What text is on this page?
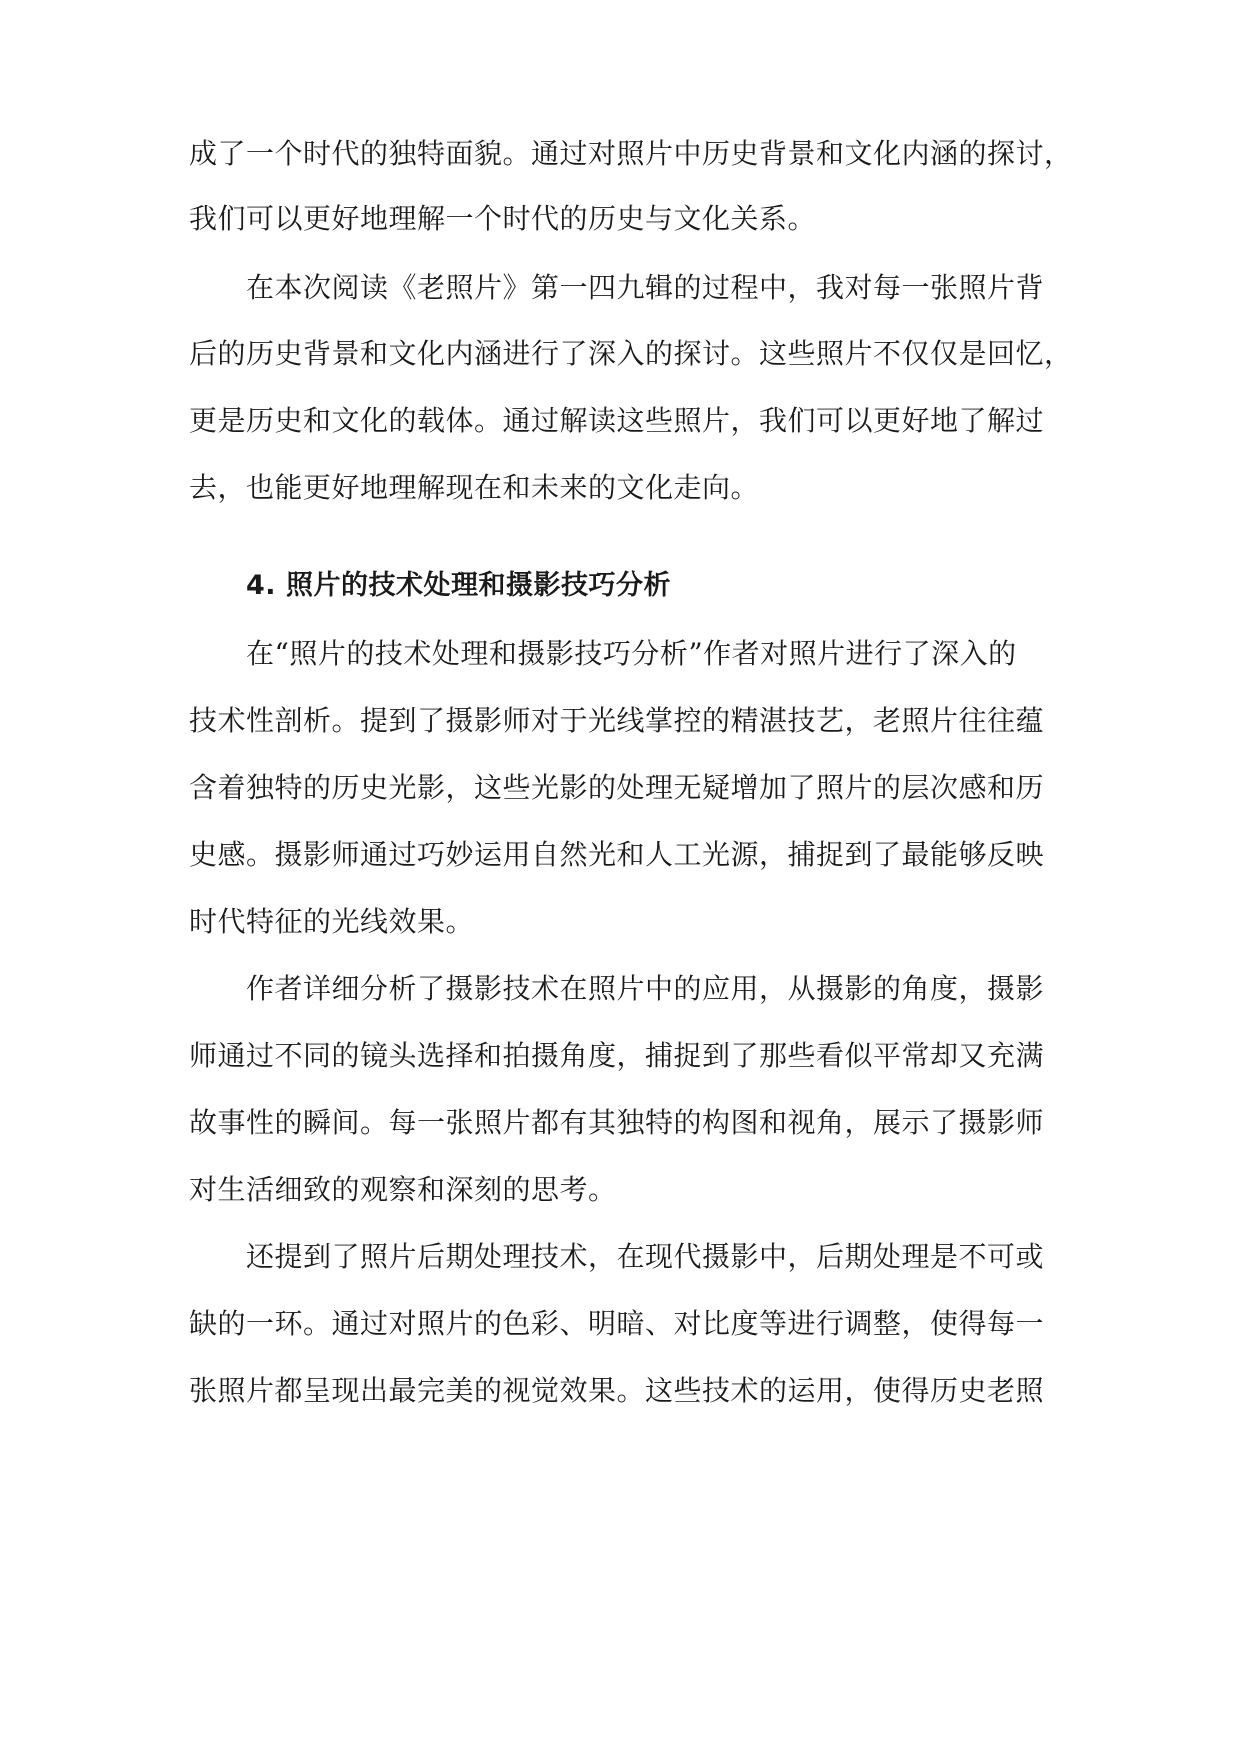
成了一个时代的独特面貌。通过对照片中历史背景和文化内涵的探讨，
我们可以更好地理解一个时代的历史与文化关系。
在本次阅读《老照片》第一四九辑的过程中，我对每一张照片背
后的历史背景和文化内涵进行了深入的探讨。这些照片不仅仅是回忆，
更是历史和文化的载体。通过解读这些照片，我们可以更好地了解过
去，也能更好地理解现在和未来的文化走向。
4. 照片的技术处理和摄影技巧分析
在“照片的技术处理和摄影技巧分析”作者对照片进行了深入的
技术性剖析。提到了摄影师对于光线掌控的精湛技艺，老照片往往蕴
含着独特的历史光影，这些光影的处理无疑增加了照片的层次感和历
史感。摄影师通过巧妙运用自然光和人工光源，捕捉到了最能够反映
时代特征的光线效果。
作者详细分析了摄影技术在照片中的应用，从摄影的角度，摄影
师通过不同的镜头选择和拍摄角度，捕捉到了那些看似平常却又充满
故事性的瞬间。每一张照片都有其独特的构图和视角，展示了摄影师
对生活细致的观察和深刻的思考。
还提到了照片后期处理技术，在现代摄影中，后期处理是不可或
缺的一环。通过对照片的色彩、明暗、对比度等进行调整，使得每一
张照片都呈现出最完美的视觉效果。这些技术的运用，使得历史老照
